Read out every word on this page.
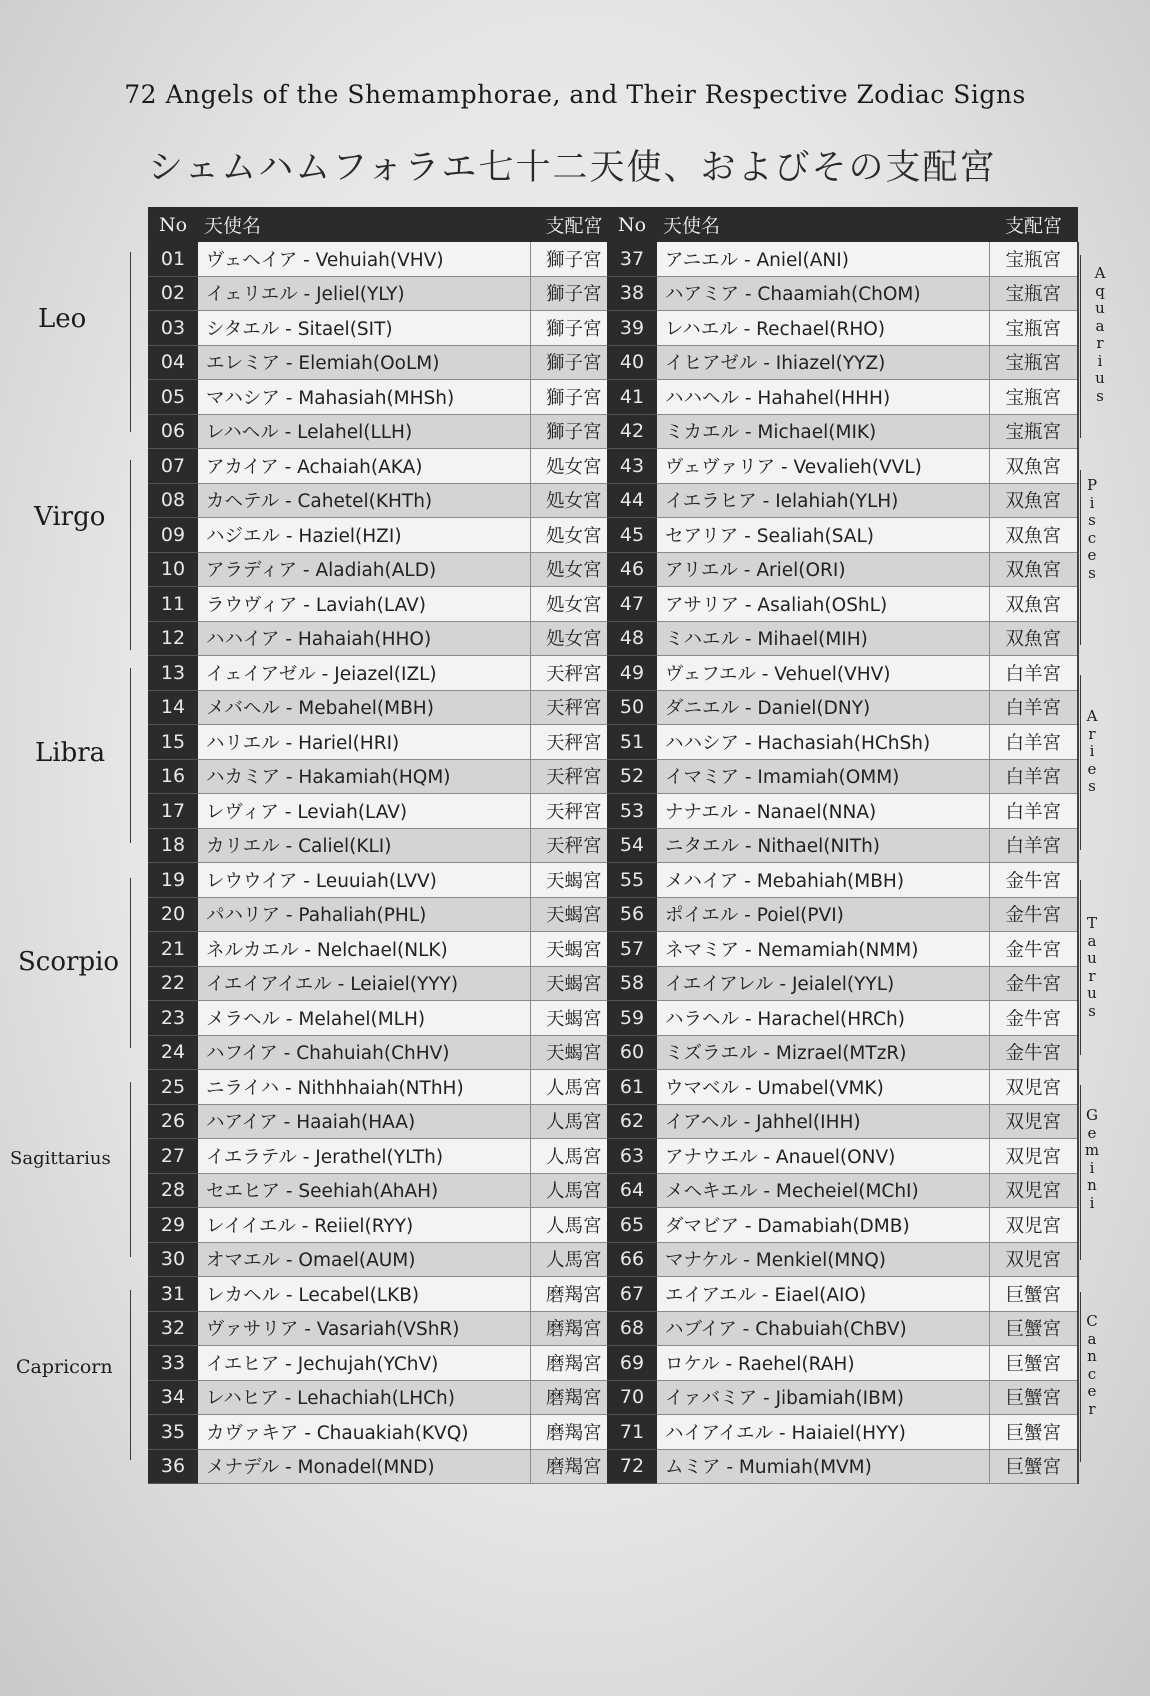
72 Angels of the Shemamphorae, and Their Respective Zodiac Signs
シェムハムフォラエ七十二天使、およびその支配宮
No	天使名	支配宮
01	ヴェヘイア - Vehuiah(VHV)	獅子宮
02	イェリエル - Jeliel(YLY)	獅子宮
03	シタエル - Sitael(SIT)	獅子宮
04	エレミア - Elemiah(OoLM)	獅子宮
05	マハシア - Mahasiah(MHSh)	獅子宮
06	レハヘル - Lelahel(LLH)	獅子宮
07	アカイア - Achaiah(AKA)	処女宮
08	カヘテル - Cahetel(KHTh)	処女宮
09	ハジエル - Haziel(HZI)	処女宮
10	アラディア - Aladiah(ALD)	処女宮
11	ラウヴィア - Laviah(LAV)	処女宮
12	ハハイア - Hahaiah(HHO)	処女宮
13	イェイアゼル - Jeiazel(IZL)	天秤宮
14	メバヘル - Mebahel(MBH)	天秤宮
15	ハリエル - Hariel(HRI)	天秤宮
16	ハカミア - Hakamiah(HQM)	天秤宮
17	レヴィア - Leviah(LAV)	天秤宮
18	カリエル - Caliel(KLI)	天秤宮
19	レウウイア - Leuuiah(LVV)	天蝎宮
20	パハリア - Pahaliah(PHL)	天蝎宮
21	ネルカエル - Nelchael(NLK)	天蝎宮
22	イエイアイエル - Leiaiel(YYY)	天蝎宮
23	メラヘル - Melahel(MLH)	天蝎宮
24	ハフイア - Chahuiah(ChHV)	天蝎宮
25	ニライハ - Nithhhaiah(NThH)	人馬宮
26	ハアイア - Haaiah(HAA)	人馬宮
27	イエラテル - Jerathel(YLTh)	人馬宮
28	セエヒア - Seehiah(AhAH)	人馬宮
29	レイイエル - Reiiel(RYY)	人馬宮
30	オマエル - Omael(AUM)	人馬宮
31	レカヘル - Lecabel(LKB)	磨羯宮
32	ヴァサリア - Vasariah(VShR)	磨羯宮
33	イエヒア - Jechujah(YChV)	磨羯宮
34	レハヒア - Lehachiah(LHCh)	磨羯宮
35	カヴァキア - Chauakiah(KVQ)	磨羯宮
36	メナデル - Monadel(MND)	磨羯宮
No	天使名	支配宮
37	アニエル - Aniel(ANI)	宝瓶宮
38	ハアミア - Chaamiah(ChOM)	宝瓶宮
39	レハエル - Rechael(RHO)	宝瓶宮
40	イヒアゼル - Ihiazel(YYZ)	宝瓶宮
41	ハハヘル - Hahahel(HHH)	宝瓶宮
42	ミカエル - Michael(MIK)	宝瓶宮
43	ヴェヴァリア - Vevalieh(VVL)	双魚宮
44	イエラヒア - Ielahiah(YLH)	双魚宮
45	セアリア - Sealiah(SAL)	双魚宮
46	アリエル - Ariel(ORI)	双魚宮
47	アサリア - Asaliah(OShL)	双魚宮
48	ミハエル - Mihael(MIH)	双魚宮
49	ヴェフエル - Vehuel(VHV)	白羊宮
50	ダニエル - Daniel(DNY)	白羊宮
51	ハハシア - Hachasiah(HChSh)	白羊宮
52	イマミア - Imamiah(OMM)	白羊宮
53	ナナエル - Nanael(NNA)	白羊宮
54	ニタエル - Nithael(NITh)	白羊宮
55	メハイア - Mebahiah(MBH)	金牛宮
56	ポイエル - Poiel(PVI)	金牛宮
57	ネマミア - Nemamiah(NMM)	金牛宮
58	イエイアレル - Jeialel(YYL)	金牛宮
59	ハラヘル - Harachel(HRCh)	金牛宮
60	ミズラエル - Mizrael(MTzR)	金牛宮
61	ウマベル - Umabel(VMK)	双児宮
62	イアヘル - Jahhel(IHH)	双児宮
63	アナウエル - Anauel(ONV)	双児宮
64	メヘキエル - Mecheiel(MChI)	双児宮
65	ダマビア - Damabiah(DMB)	双児宮
66	マナケル - Menkiel(MNQ)	双児宮
67	エイアエル - Eiael(AIO)	巨蟹宮
68	ハブイア - Chabuiah(ChBV)	巨蟹宮
69	ロケル - Raehel(RAH)	巨蟹宮
70	イァバミア - Jibamiah(IBM)	巨蟹宮
71	ハイアイエル - Haiaiel(HYY)	巨蟹宮
72	ムミア - Mumiah(MVM)	巨蟹宮
Leo
Virgo
Libra
Scorpio
Sagittarius
Capricorn
A
q
u
a
r
i
u
s
P
i
s
c
e
s
A
r
i
e
s
T
a
u
r
u
s
G
e
m
i
n
i
C
a
n
c
e
r
